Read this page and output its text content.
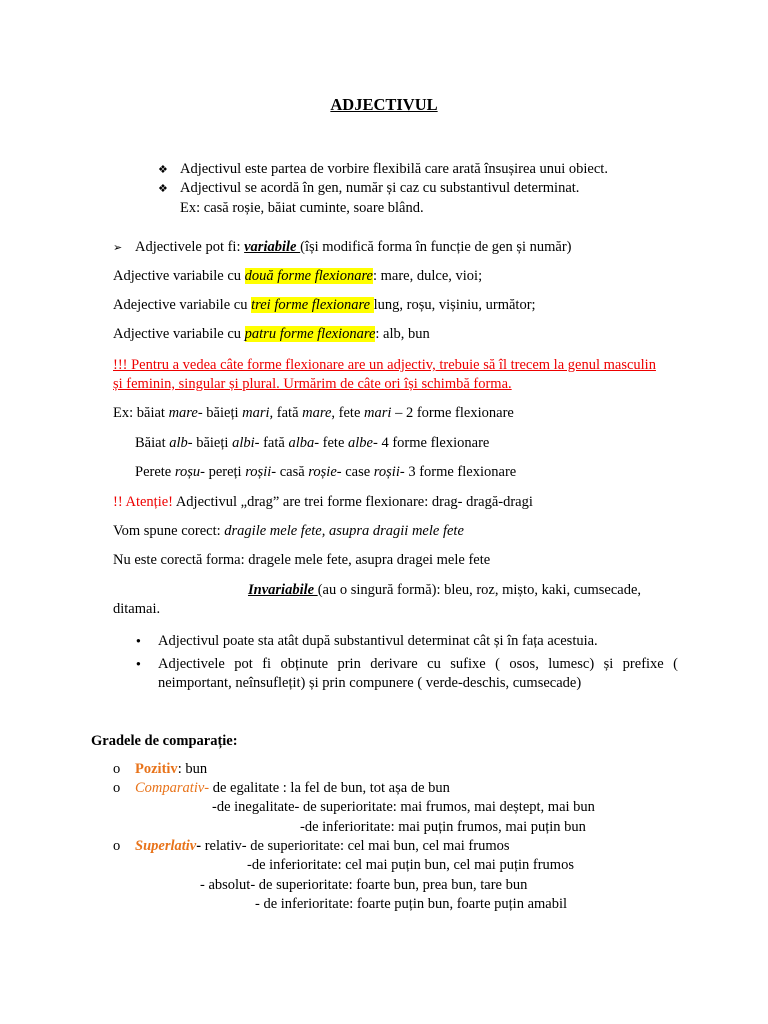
ADJECTIVUL
❖ Adjectivul este partea de vorbire flexibilă care arată însușirea unui obiect.
❖ Adjectivul se acordă în gen, număr și caz cu substantivul determinat.
Ex: casă roșie, băiat cuminte, soare blând.
➢ Adjectivele pot fi: variabile (își modifică forma în funcție de gen și număr)
Adjective variabile cu două forme flexionare: mare, dulce, vioi;
Adejective variabile cu trei forme flexionare lung, roșu, vișiniu, următor;
Adjective variabile cu patru forme flexionare: alb, bun
!!! Pentru a vedea câte forme flexionare are un adjectiv, trebuie să îl trecem la genul masculin
și feminin, singular și plural. Urmărim de câte ori își schimbă forma.
Ex: băiat mare- băieți mari, fată mare, fete mari – 2 forme flexionare
Băiat alb- băieți albi- fată alba- fete albe- 4 forme flexionare
Perete roșu- pereți roșii- casă roșie- case roșii- 3 forme flexionare
!! Atenție! Adjectivul „drag” are trei forme flexionare: drag- dragă-dragi
Vom spune corect: dragile mele fete, asupra dragii mele fete
Nu este corectă forma: dragele mele fete, asupra dragei mele fete
Invariabile (au o singură formă): bleu, roz, mișto, kaki, cumsecade,
ditamai.
● Adjectivul poate sta atât după substantivul determinat cât și în fața acestuia.
● Adjectivele pot fi obținute prin derivare cu sufixe ( osos, lumesc) și prefixe ( neimportant, neînsuflețit) și prin compunere ( verde-deschis, cumsecade)
Gradele de comparație:
o Pozitiv: bun
o Comparativ- de egalitate : la fel de bun, tot așa de bun
-de inegalitate- de superioritate: mai frumos, mai deștept, mai bun
-de inferioritate: mai puțin frumos, mai puțin bun
o Superlativ- relativ- de superioritate: cel mai bun, cel mai frumos
-de inferioritate: cel mai puțin bun, cel mai puțin frumos
- absolut- de superioritate: foarte bun, prea bun, tare bun
- de inferioritate: foarte puțin bun, foarte puțin amabil
